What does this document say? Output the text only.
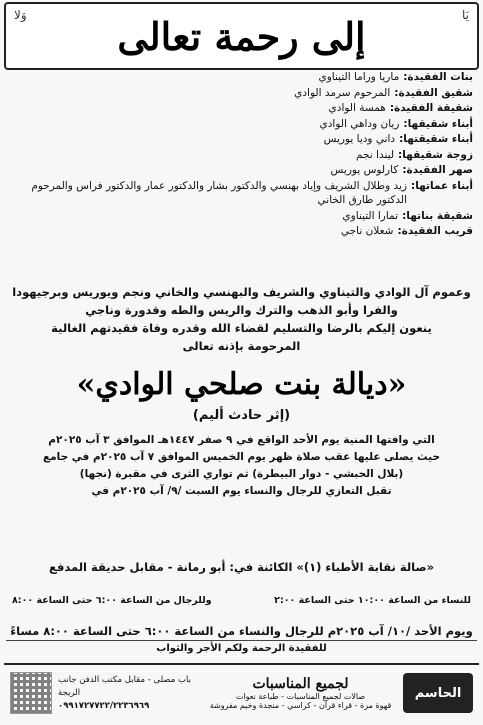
يَا
إلى رحمة تعالى
وَلا
بنات الفقيدة:
ماريا وراما التيناوي
شقيق الفقيدة:
المرحوم سرمد الوادي
شقيقة الفقيدة:
همسة الوادي
أبناء شقيقها:
ريان وداهي الوادي
أبناء شقيقتها:
داني وديا يوريس
زوجة شقيقها:
ليندا نجم
صهر الفقيدة:
كارلوس يوريس
أبناء عماتها:
زيد وطلال الشريف وإياد بهنسي والدكتور بشار والدكتور عمار والدكتور فراس والمرحوم الدكتور طارق الخاني
شقيقة بناتها:
تمارا التيناوي
قريب الفقيدة:
شعلان ناجي

وعموم آل الوادي والتيناوي والشريف والبهنسي والخاني ونجم ويوريس وبرجيهودا والفرا وأبو الذهب والترك والريس والطه وقدورة وناجي

ينعون إليكم بالرضا والتسليم لقضاء الله وقدره وفاة فقيدتهم الغالية

المرحومة بإذنه تعالى

«ديالة بنت صلحي الوادي»
(إثر حادث أليم)

التي وافتها المنية يوم الأحد الواقع في ٩ صفر ١٤٤٧هـ الموافق ٣ آب ٢٠٢٥م

حيث يصلى عليها عقب صلاة ظهر يوم الخميس الموافق ٧ آب ٢٠٢٥م في جامع

(بلال الحبشي - دوار البيطرة) ثم تواري الثرى في مقبرة (نجها)

تقبل التعازي للرجال والنساء يوم السبت /٩/ آب ٢٠٢٥م في

«صالة نقابة الأطباء (١)» الكائنة في: أبو رمانة - مقابل حديقة المدفع
للنساء من الساعة ١٠:٠٠ حتى الساعة ٢:٠٠
وللرجال من الساعة ٦:٠٠ حتى الساعة ٨:٠٠
ويوم الأحد /١٠/ آب ٢٠٢٥م للرجال والنساء من الساعة ٦:٠٠ حتى الساعة ٨:٠٠ مساءً
للفقيدة الرحمة ولكم الأجر والثواب
الحاسم
لجميع المناسبات
صالات لجميع المناسبات - طباعة نعوات
قهوة مرة - قراء قرآن - كراسي - منجدة وخيم مفروشة
باب مصلى - مقابل مكتب الدفن جانب الريجة
٠٩٩١٧٢٧٧٢٢/٢٢٣٦٩٦٩
